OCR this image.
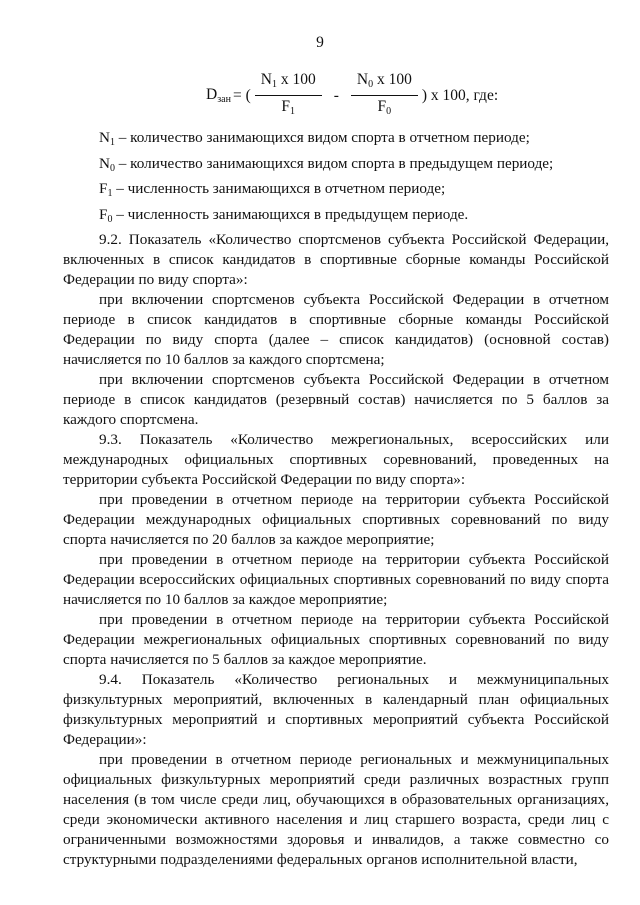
9
$D_{зан}$ = ( $\frac{N_1 x 100}{F_1} - \frac{N_0 x 100}{F_0}$ ) x 100, где:

$N_1$ – количество занимающихся видом спорта в отчетном периоде;

$N_0$ – количество занимающихся видом спорта в предыдущем периоде;

$F_1$ – численность занимающихся в отчетном периоде;

$F_0$ – численность занимающихся в предыдущем периоде.

9.2. Показатель «Количество спортсменов субъекта Российской Федерации, включенных в список кандидатов в спортивные сборные команды Российской Федерации по виду спорта»:

при включении спортсменов субъекта Российской Федерации в отчетном периоде в список кандидатов в спортивные сборные команды Российской Федерации по виду спорта (далее – список кандидатов) (основной состав) начисляется по 10 баллов за каждого спортсмена;

при включении спортсменов субъекта Российской Федерации в отчетном периоде в список кандидатов (резервный состав) начисляется по 5 баллов за каждого спортсмена.

9.3. Показатель «Количество межрегиональных, всероссийских или международных официальных спортивных соревнований, проведенных на территории субъекта Российской Федерации по виду спорта»:

при проведении в отчетном периоде на территории субъекта Российской Федерации международных официальных спортивных соревнований по виду спорта начисляется по 20 баллов за каждое мероприятие;

при проведении в отчетном периоде на территории субъекта Российской Федерации всероссийских официальных спортивных соревнований по виду спорта начисляется по 10 баллов за каждое мероприятие;

при проведении в отчетном периоде на территории субъекта Российской Федерации межрегиональных официальных спортивных соревнований по виду спорта начисляется по 5 баллов за каждое мероприятие.

9.4. Показатель «Количество региональных и межмуниципальных физкультурных мероприятий, включенных в календарный план официальных физкультурных мероприятий и спортивных мероприятий субъекта Российской Федерации»:

при проведении в отчетном периоде региональных и межмуниципальных официальных физкультурных мероприятий среди различных возрастных групп населения (в том числе среди лиц, обучающихся в образовательных организациях, среди экономически активного населения и лиц старшего возраста, среди лиц с ограниченными возможностями здоровья и инвалидов, а также совместно со структурными подразделениями федеральных органов исполнительной власти,
